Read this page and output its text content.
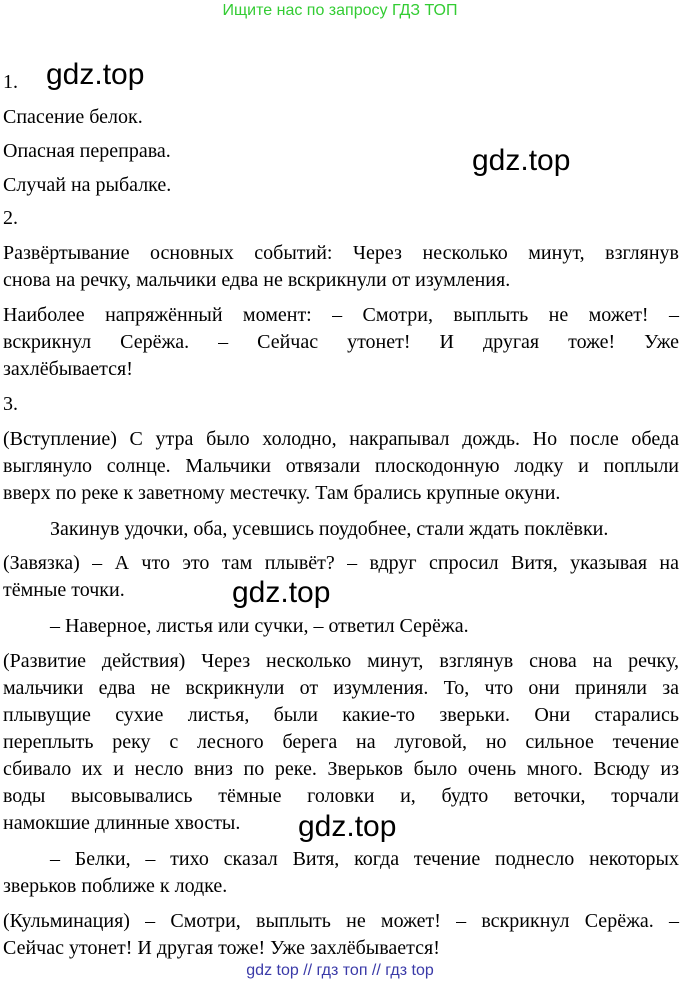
Ищите нас по запросу ГДЗ ТОП
gdz.top
gdz.top
gdz.top
gdz.top
1.
Спасение белок.
Опасная переправа.
Случай на рыбалке.
2.
Развёртывание основных событий: Через несколько минут, взглянув
снова на речку, мальчики едва не вскрикнули от изумления.
Наиболее напряжённый момент: – Смотри, выплыть не может! –
вскрикнул Серёжа. – Сейчас утонет! И другая тоже! Уже
захлёбывается!
3.
(Вступление) С утра было холодно, накрапывал дождь. Но после обеда
выглянуло солнце. Мальчики отвязали плоскодонную лодку и поплыли
вверх по реке к заветному местечку. Там брались крупные окуни.
Закинув удочки, оба, усевшись поудобнее, стали ждать поклёвки.
(Завязка) – А что это там плывёт? – вдруг спросил Витя, указывая на
тёмные точки.
– Наверное, листья или сучки, – ответил Серёжа.
(Развитие действия) Через несколько минут, взглянув снова на речку,
мальчики едва не вскрикнули от изумления. То, что они приняли за
плывущие сухие листья, были какие-то зверьки. Они старались
переплыть реку с лесного берега на луговой, но сильное течение
сбивало их и несло вниз по реке. Зверьков было очень много. Всюду из
воды высовывались тёмные головки и, будто веточки, торчали
намокшие длинные хвосты.
– Белки, – тихо сказал Витя, когда течение поднесло некоторых
зверьков поближе к лодке.
(Кульминация) – Смотри, выплыть не может! – вскрикнул Серёжа. –
Сейчас утонет! И другая тоже! Уже захлёбывается!
gdz top // гдз топ // гдз top
